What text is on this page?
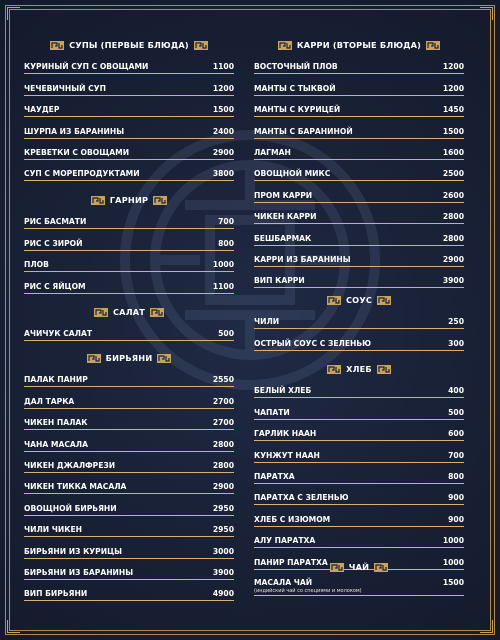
СУПЫ (ПЕРВЫЕ БЛЮДА)
КУРИНЫЙ СУП С ОВОЩАМИ	1100
ЧЕЧЕВИЧНЫЙ СУП	1200
ЧАУДЕР	1500
ШУРПА ИЗ БАРАНИНЫ	2400
КРЕВЕТКИ С ОВОЩАМИ	2900
СУП С МОРЕПРОДУКТАМИ	3800
ГАРНИР
РИС БАСМАТИ	700
РИС С ЗИРОЙ	800
ПЛОВ	1000
РИС С ЯЙЦОМ	1100
САЛАТ
АЧИЧУК САЛАТ	500
БИРЬЯНИ
ПАЛАК ПАНИР	2550
ДАЛ ТАРКА	2700
ЧИКЕН ПАЛАК	2700
ЧАНА МАСАЛА	2800
ЧИКЕН ДЖАЛФРЕЗИ	2800
ЧИКЕН ТИККА МАСАЛА	2900
ОВОЩНОЙ БИРЬЯНИ	2950
ЧИЛИ ЧИКЕН	2950
БИРЬЯНИ ИЗ КУРИЦЫ	3000
БИРЬЯНИ ИЗ БАРАНИНЫ	3900
ВИП БИРЬЯНИ	4900
КАРРИ (ВТОРЫЕ БЛЮДА)
ВОСТОЧНЫЙ ПЛОВ	1200
МАНТЫ С ТЫКВОЙ	1200
МАНТЫ С КУРИЦЕЙ	1450
МАНТЫ С БАРАНИНОЙ	1500
ЛАГМАН	1600
ОВОЩНОЙ МИКС	2500
ПРОМ КАРРИ	2600
ЧИКЕН КАРРИ	2800
БЕШБАРМАК	2800
КАРРИ ИЗ БАРАНИНЫ	2900
ВИП КАРРИ	3900
СОУС
ЧИЛИ	250
ОСТРЫЙ СОУС С ЗЕЛЕНЬЮ	300
ХЛЕБ
БЕЛЫЙ ХЛЕБ	400
ЧАПАТИ	500
ГАРЛИК НААН	600
КУНЖУТ НААН	700
ПАРАТХА	800
ПАРАТХА С ЗЕЛЕНЬЮ	900
ХЛЕБ С ИЗЮМОМ	900
АЛУ ПАРАТХА	1000
ПАНИР ПАРАТХА	1000
ЧАЙ
МАСАЛА ЧАЙ	1500
(индийский чай со специями и молоком)
